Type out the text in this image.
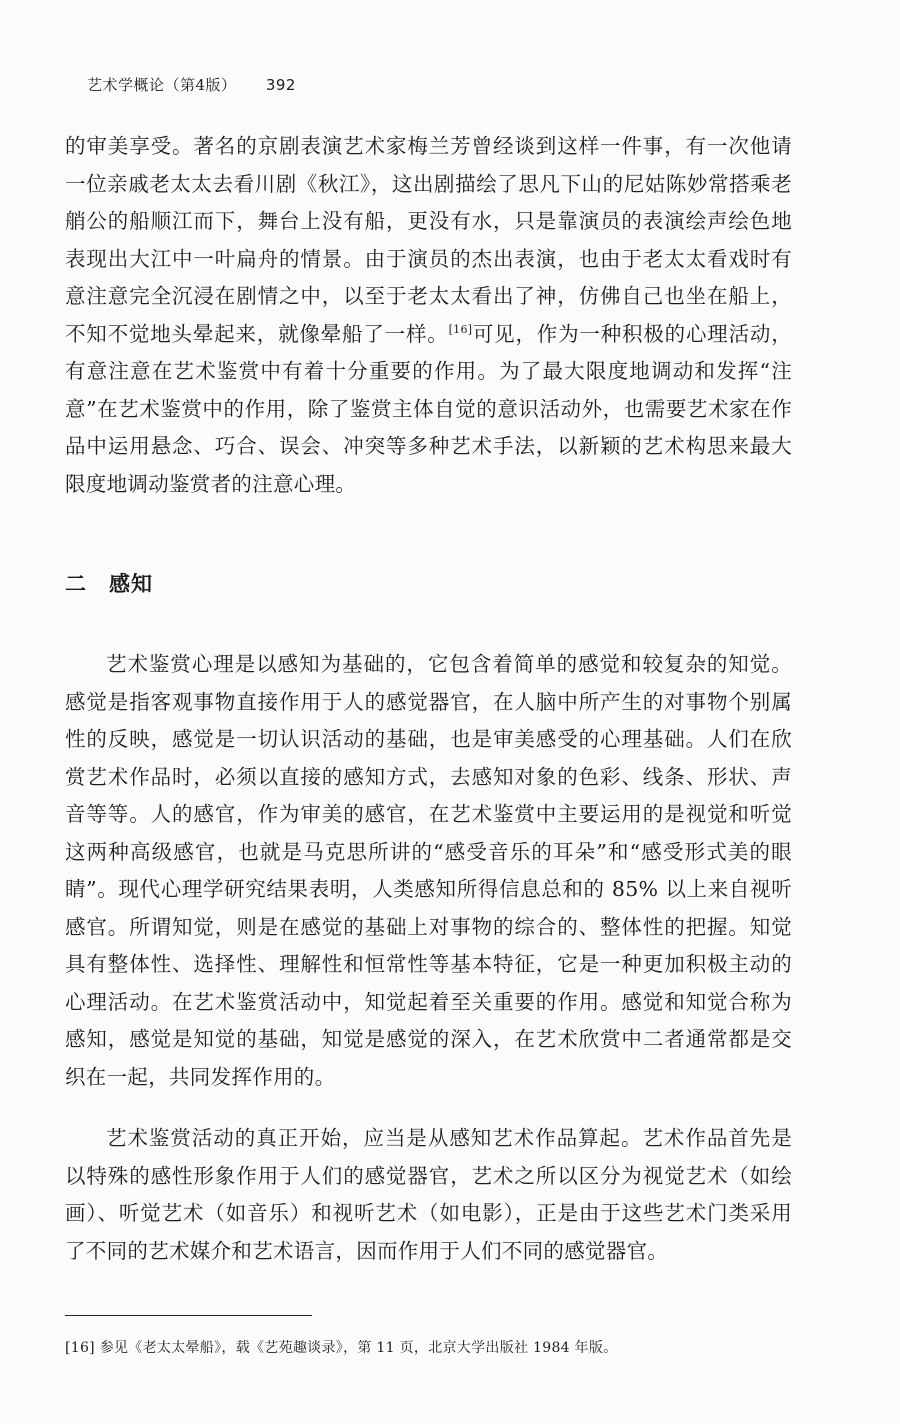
艺术学概论（第4版） 392
的审美享受。著名的京剧表演艺术家梅兰芳曾经谈到这样一件事，有一次他请一位亲戚老太太去看川剧《秋江》，这出剧描绘了思凡下山的尼姑陈妙常搭乘老艄公的船顺江而下，舞台上没有船，更没有水，只是靠演员的表演绘声绘色地表现出大江中一叶扁舟的情景。由于演员的杰出表演，也由于老太太看戏时有意注意完全沉浸在剧情之中，以至于老太太看出了神，仿佛自己也坐在船上，不知不觉地头晕起来，就像晕船了一样。[16]可见，作为一种积极的心理活动，有意注意在艺术鉴赏中有着十分重要的作用。为了最大限度地调动和发挥“注意”在艺术鉴赏中的作用，除了鉴赏主体自觉的意识活动外，也需要艺术家在作品中运用悬念、巧合、误会、冲突等多种艺术手法，以新颖的艺术构思来最大限度地调动鉴赏者的注意心理。
二 感知
艺术鉴赏心理是以感知为基础的，它包含着简单的感觉和较复杂的知觉。感觉是指客观事物直接作用于人的感觉器官，在人脑中所产生的对事物个别属性的反映，感觉是一切认识活动的基础，也是审美感受的心理基础。人们在欣赏艺术作品时，必须以直接的感知方式，去感知对象的色彩、线条、形状、声音等等。人的感官，作为审美的感官，在艺术鉴赏中主要运用的是视觉和听觉这两种高级感官，也就是马克思所讲的“感受音乐的耳朵”和“感受形式美的眼睛”。现代心理学研究结果表明，人类感知所得信息总和的 85% 以上来自视听感官。所谓知觉，则是在感觉的基础上对事物的综合的、整体性的把握。知觉具有整体性、选择性、理解性和恒常性等基本特征，它是一种更加积极主动的心理活动。在艺术鉴赏活动中，知觉起着至关重要的作用。感觉和知觉合称为感知，感觉是知觉的基础，知觉是感觉的深入，在艺术欣赏中二者通常都是交织在一起，共同发挥作用的。
艺术鉴赏活动的真正开始，应当是从感知艺术作品算起。艺术作品首先是以特殊的感性形象作用于人们的感觉器官，艺术之所以区分为视觉艺术（如绘画）、听觉艺术（如音乐）和视听艺术（如电影），正是由于这些艺术门类采用了不同的艺术媒介和艺术语言，因而作用于人们不同的感觉器官。
[16] 参见《老太太晕船》，载《艺苑趣谈录》，第 11 页，北京大学出版社 1984 年版。
